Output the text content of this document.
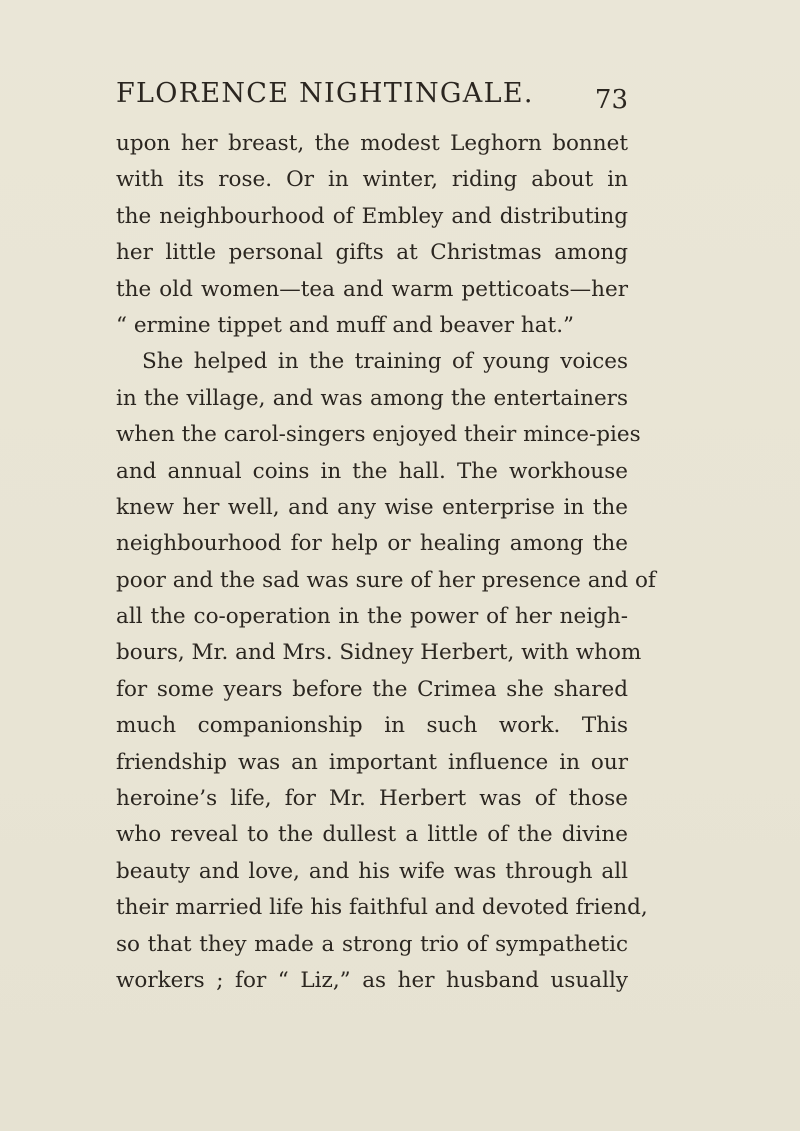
FLORENCE NIGHTINGALE. 73
upon her breast, the modest Leghorn bonnet
with its rose. Or in winter, riding about in
the neighbourhood of Embley and distributing
her little personal gifts at Christmas among
the old women—tea and warm petticoats—her
“ ermine tippet and muff and beaver hat.”
She helped in the training of young voices
in the village, and was among the entertainers
when the carol-singers enjoyed their mince-pies
and annual coins in the hall. The workhouse
knew her well, and any wise enterprise in the
neighbourhood for help or healing among the
poor and the sad was sure of her presence and of
all the co-operation in the power of her neigh-
bours, Mr. and Mrs. Sidney Herbert, with whom
for some years before the Crimea she shared
much companionship in such work. This
friendship was an important influence in our
heroine’s life, for Mr. Herbert was of those
who reveal to the dullest a little of the divine
beauty and love, and his wife was through all
their married life his faithful and devoted friend,
so that they made a strong trio of sympathetic
workers ; for “ Liz,” as her husband usually
